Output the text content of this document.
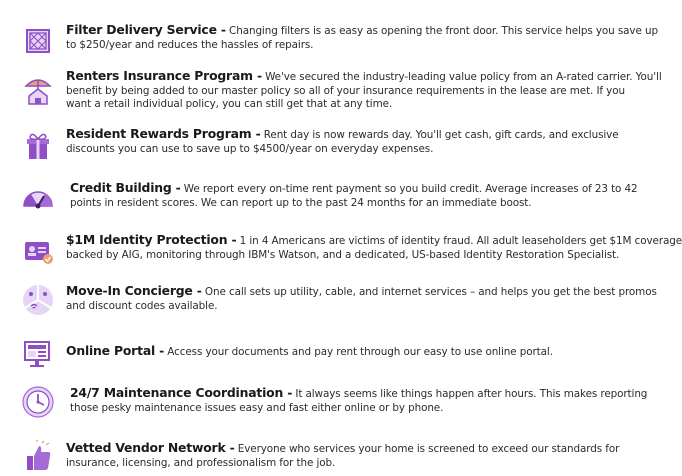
Filter Delivery Service - Changing filters is as easy as opening the front door. This service helps you save up
to $250/year and reduces the hassles of repairs.
Renters Insurance Program - We've secured the industry-leading value policy from an A-rated carrier. You'll
benefit by being added to our master policy so all of your insurance requirements in the lease are met. If you
want a retail individual policy, you can still get that at any time.
Resident Rewards Program - Rent day is now rewards day. You'll get cash, gift cards, and exclusive
discounts you can use to save up to $4500/year on everyday expenses.
Credit Building - We report every on-time rent payment so you build credit. Average increases of 23 to 42
points in resident scores. We can report up to the past 24 months for an immediate boost.
$1M Identity Protection - 1 in 4 Americans are victims of identity fraud. All adult leaseholders get $1M coverage
backed by AIG, monitoring through IBM's Watson, and a dedicated, US-based Identity Restoration Specialist.
Move-In Concierge - One call sets up utility, cable, and internet services – and helps you get the best promos
and discount codes available.
Online Portal - Access your documents and pay rent through our easy to use online portal.
24/7 Maintenance Coordination - It always seems like things happen after hours. This makes reporting
those pesky maintenance issues easy and fast either online or by phone.
Vetted Vendor Network - Everyone who services your home is screened to exceed our standards for
insurance, licensing, and professionalism for the job.
